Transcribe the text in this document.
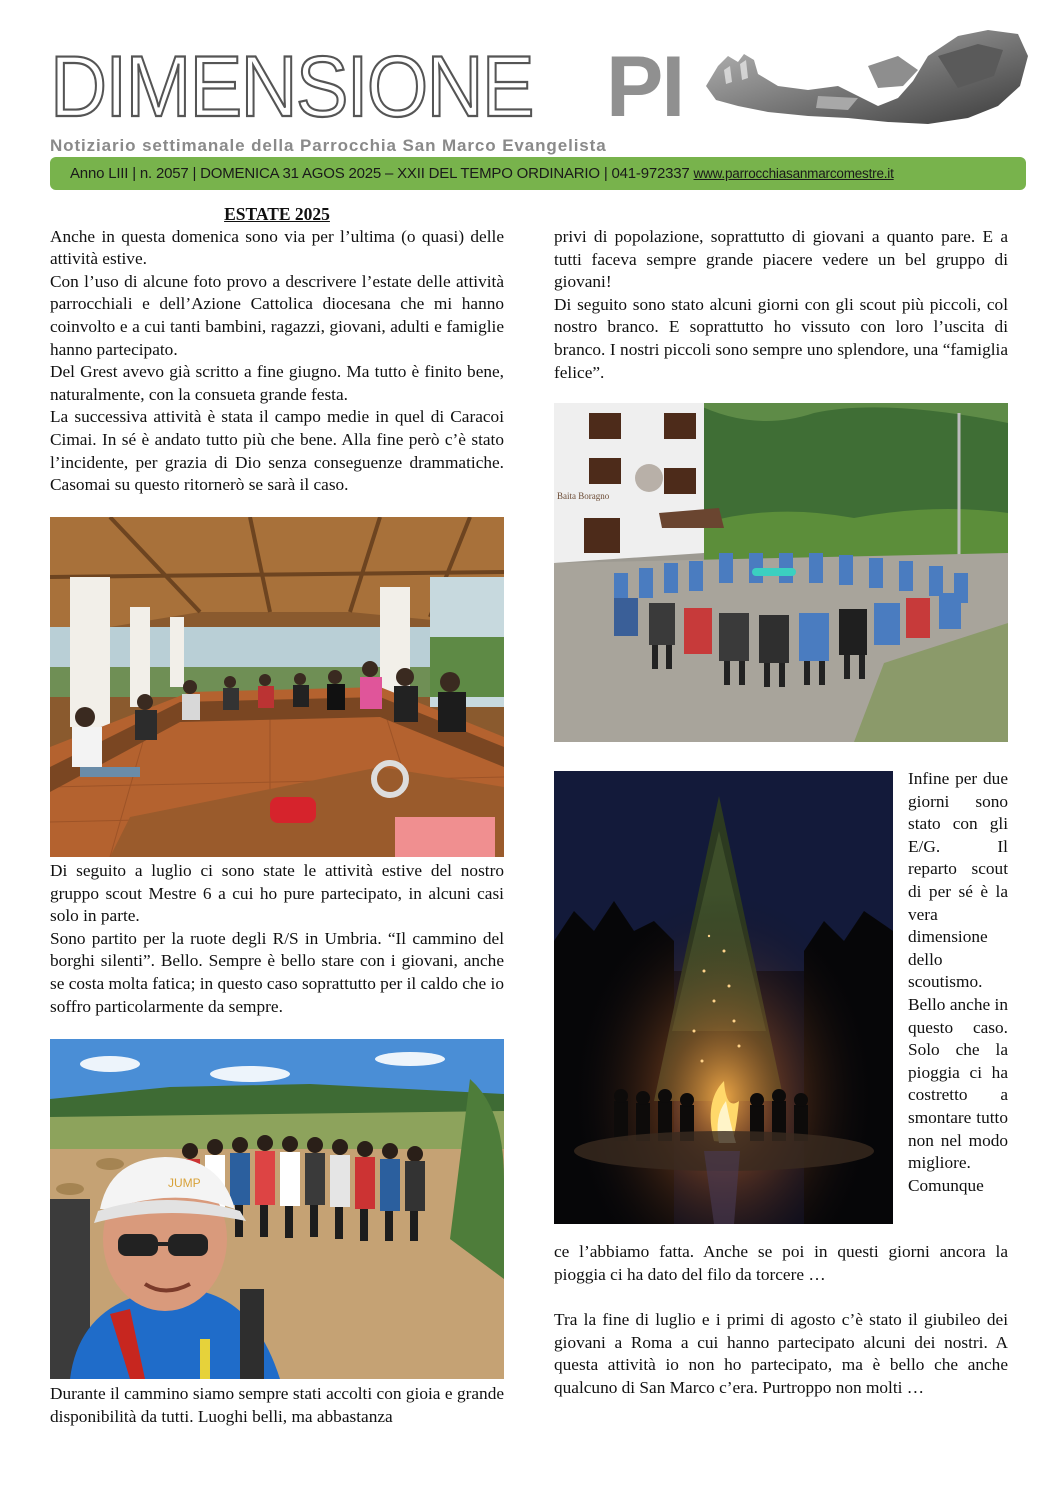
DIMENSIONE PI
Notiziario settimanale della Parrocchia San Marco Evangelista
Anno LIII | n. 2057 | DOMENICA 31 AGOS 2025 – XXII DEL TEMPO ORDINARIO | 041-972337 www.parrocchiasanmarcomestre.it

ESTATE 2025

Anche in questa domenica sono via per l’ultima (o quasi) delle attività estive.

Con l’uso di alcune foto provo a descrivere l’estate delle attività parrocchiali e dell’Azione Cattolica diocesana che mi hanno coinvolto e a cui tanti bambini, ragazzi, giovani, adulti e famiglie hanno partecipato.

Del Grest avevo già scritto a fine giugno. Ma tutto è finito bene, naturalmente, con la consueta grande festa.

La successiva attività è stata il campo medie in quel di Caracoi Cimai. In sé è andato tutto più che bene. Alla fine però c’è stato l’incidente, per grazia di Dio senza conseguenze drammatiche. Casomai su questo ritornerò se sarà il caso.

Di seguito a luglio ci sono state le attività estive del nostro gruppo scout Mestre 6 a cui ho pure partecipato, in alcuni casi solo in parte.

Sono partito per la ruote degli R/S in Umbria. “Il cammino del borghi silenti”. Bello. Sempre è bello stare con i giovani, anche se costa molta fatica; in questo caso soprattutto per il caldo che io soffro particolarmente da sempre.

JUMP

Durante il cammino siamo sempre stati accolti con gioia e grande disponibilità da tutti. Luoghi belli, ma abbastanza

privi di popolazione, soprattutto di giovani a quanto pare. E a tutti faceva sempre grande piacere vedere un bel gruppo di giovani!

Di seguito sono stato alcuni giorni con gli scout più piccoli, col nostro branco. E soprattutto ho vissuto con loro l’uscita di branco. I nostri piccoli sono sempre uno splendore, una “famiglia felice”.

Baita Boragno

Infine per due giorni sono stato con gli E/G. Il reparto scout di per sé è la vera dimensione dello scoutismo. Bello anche in questo caso. Solo che la pioggia ci ha costretto a smontare tutto non nel modo migliore. Comunque

ce l’abbiamo fatta. Anche se poi in questi giorni ancora la pioggia ci ha dato del filo da torcere …

Tra la fine di luglio e i primi di agosto c’è stato il giubileo dei giovani a Roma a cui hanno partecipato alcuni dei nostri. A questa attività io non ho partecipato, ma è bello che anche qualcuno di San Marco c’era. Purtroppo non molti …
